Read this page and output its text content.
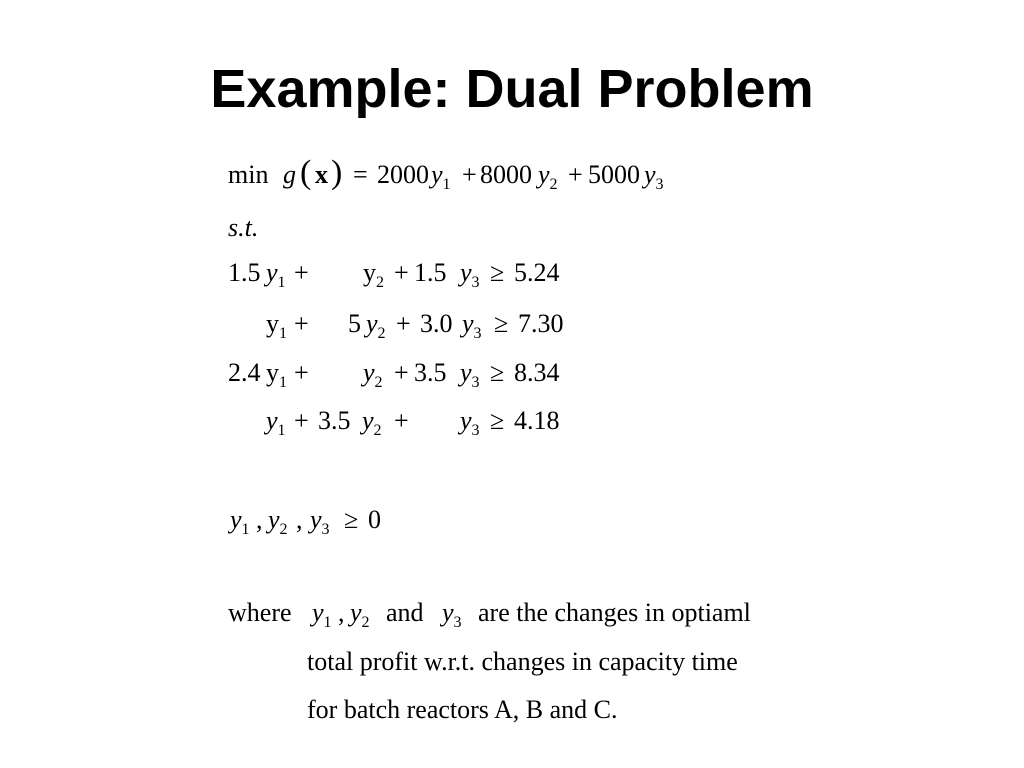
Example: Dual Problem
min g ( x ) = 2000 $y_1 + 8000$ $y_2 + 5000$ $y_3$
s.t.
1.5 $y_1 + y_2 + 1.5$ $y_3 \ge 5.24$
$y_1 + 5$ $y_2 + 3.0$ $y_3 \ge 7.30$
2.4 $y_1 + y_2 + 3.5$ $y_3 \ge 8.34$
$y_1 + 3.5$ $y_2 + y_3 \ge 4.18$
$y_1$ , $y_2$ , $y_3 \ge 0$
where $y_1$ , $y_2$ and $y_3$ are the changes in optiaml
total profit w.r.t. changes in capacity time
for batch reactors A, B and C.
